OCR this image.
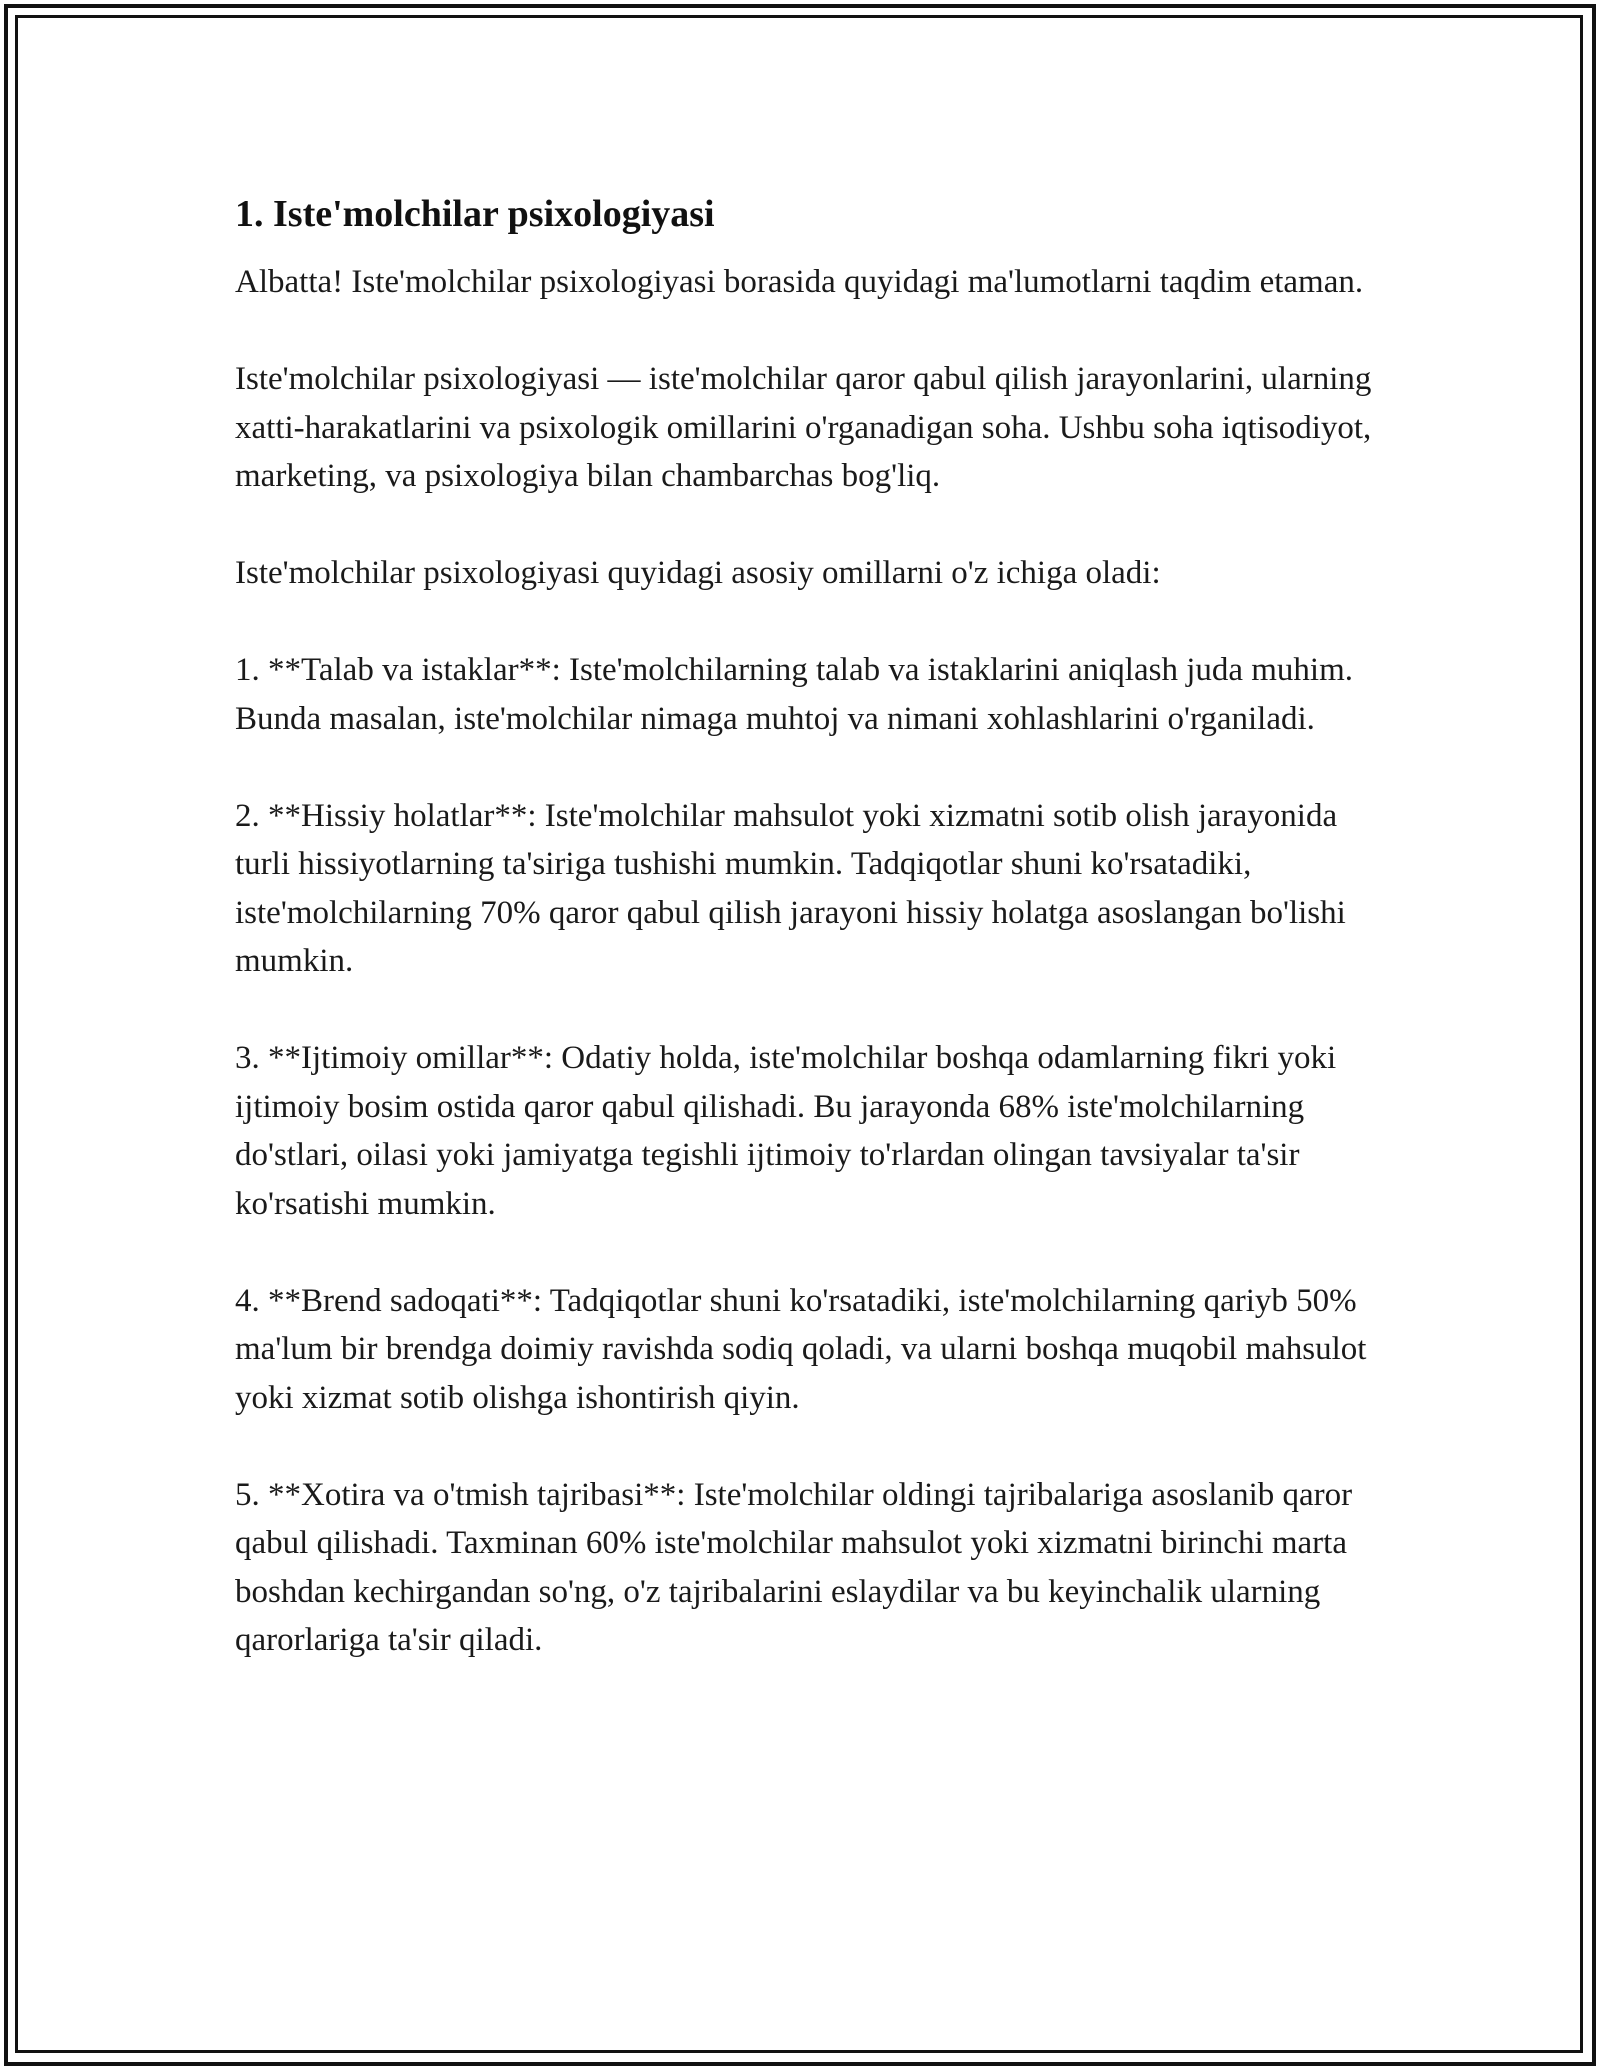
1. Iste'molchilar psixologiyasi

Albatta! Iste'molchilar psixologiyasi borasida quyidagi ma'lumotlarni taqdim etaman.

Iste'molchilar psixologiyasi — iste'molchilar qaror qabul qilish jarayonlarini, ularning xatti-harakatlarini va psixologik omillarini o'rganadigan soha. Ushbu soha iqtisodiyot, marketing, va psixologiya bilan chambarchas bog'liq.

Iste'molchilar psixologiyasi quyidagi asosiy omillarni o'z ichiga oladi:

1. **Talab va istaklar**: Iste'molchilarning talab va istaklarini aniqlash juda muhim. Bunda masalan, iste'molchilar nimaga muhtoj va nimani xohlashlarini o'rganiladi.

2. **Hissiy holatlar**: Iste'molchilar mahsulot yoki xizmatni sotib olish jarayonida turli hissiyotlarning ta'siriga tushishi mumkin. Tadqiqotlar shuni ko'rsatadiki, iste'molchilarning 70% qaror qabul qilish jarayoni hissiy holatga asoslangan bo'lishi mumkin.

3. **Ijtimoiy omillar**: Odatiy holda, iste'molchilar boshqa odamlarning fikri yoki ijtimoiy bosim ostida qaror qabul qilishadi. Bu jarayonda 68% iste'molchilarning do'stlari, oilasi yoki jamiyatga tegishli ijtimoiy to'rlardan olingan tavsiyalar ta'sir ko'rsatishi mumkin.

4. **Brend sadoqati**: Tadqiqotlar shuni ko'rsatadiki, iste'molchilarning qariyb 50% ma'lum bir brendga doimiy ravishda sodiq qoladi, va ularni boshqa muqobil mahsulot yoki xizmat sotib olishga ishontirish qiyin.

5. **Xotira va o'tmish tajribasi**: Iste'molchilar oldingi tajribalariga asoslanib qaror qabul qilishadi. Taxminan 60% iste'molchilar mahsulot yoki xizmatni birinchi marta boshdan kechirgandan so'ng, o'z tajribalarini eslaydilar va bu keyinchalik ularning qarorlariga ta'sir qiladi.
